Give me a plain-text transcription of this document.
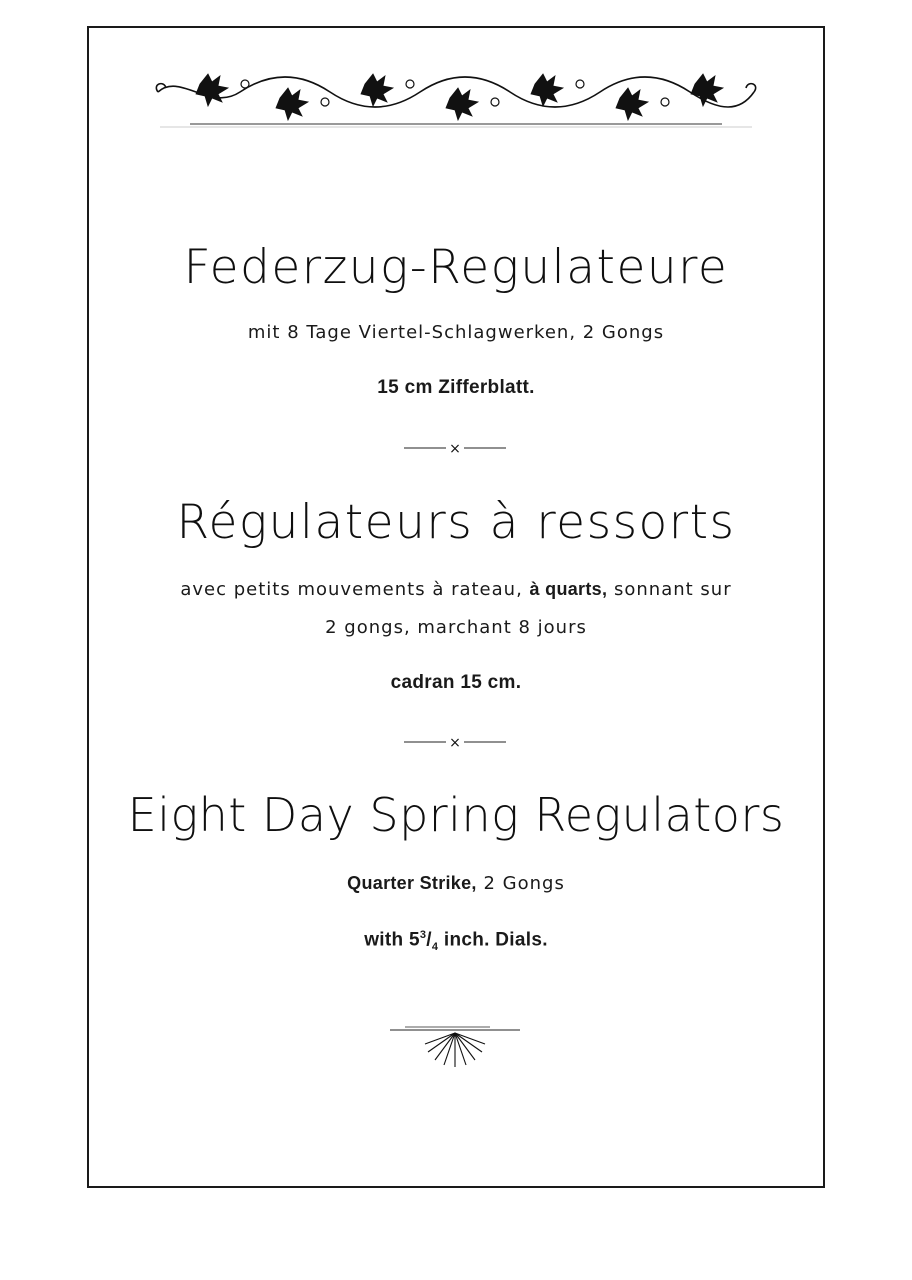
Federzug-Regulateure
mit 8 Tage Viertel-Schlagwerken, 2 Gongs
15 cm Zifferblatt.
×
Régulateurs à ressorts
avec petits mouvements à rateau, à quarts, sonnant sur
2 gongs, marchant 8 jours
cadran 15 cm.
×
Eight Day Spring Regulators
Quarter Strike, 2 Gongs
with $5^3/_4$ inch. Dials.
